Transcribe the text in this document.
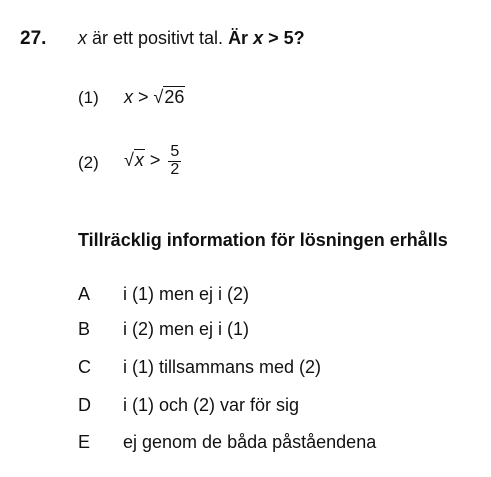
27. x är ett positivt tal. Är x > 5?
(1) x > √26
(2) $√x > \frac{5}{2}$
Tillräcklig information för lösningen erhålls
A i (1) men ej i (2)
B i (2) men ej i (1)
C i (1) tillsammans med (2)
D i (1) och (2) var för sig
E ej genom de båda påståendena
